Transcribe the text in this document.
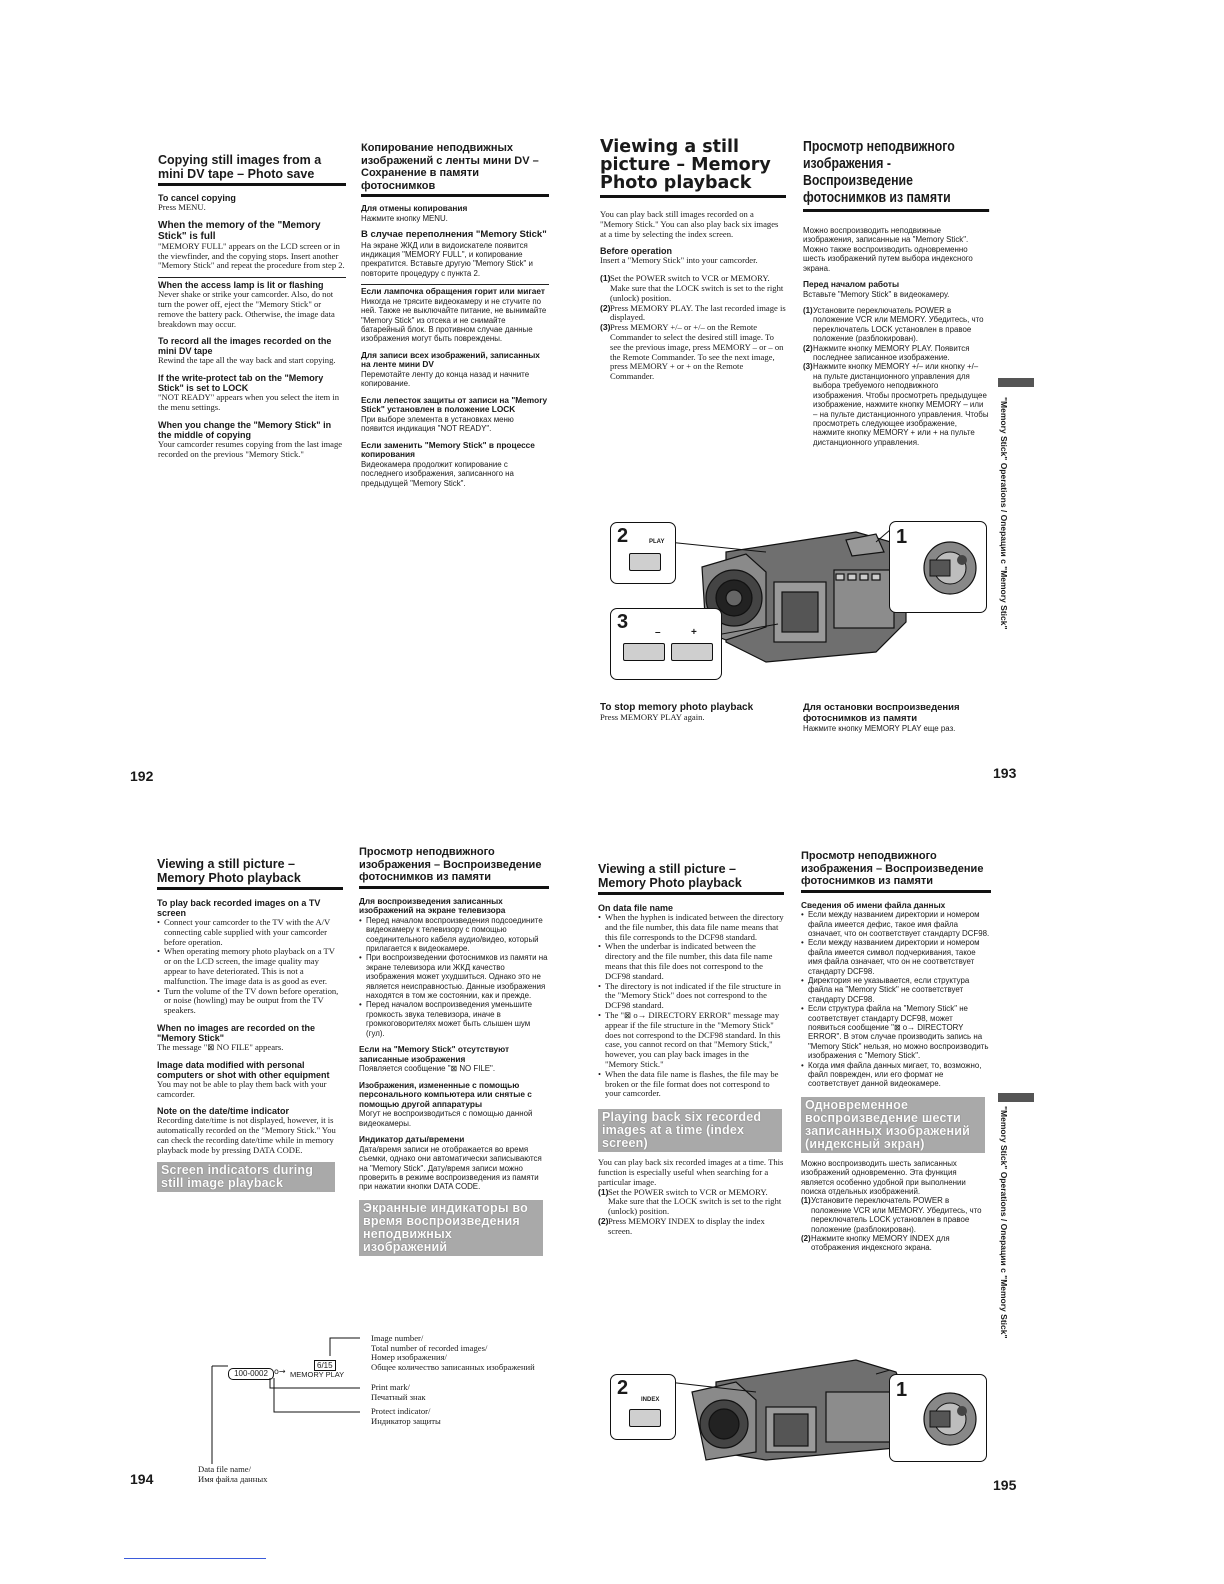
Copying still images from a mini DV tape – Photo save
To cancel copying
Press MENU.
When the memory of the "Memory Stick" is full
"MEMORY FULL" appears on the LCD screen or in the viewfinder, and the copying stops. Insert another "Memory Stick" and repeat the procedure from step 2.
When the access lamp is lit or flashing
Never shake or strike your camcorder. Also, do not turn the power off, eject the "Memory Stick" or remove the battery pack. Otherwise, the image data breakdown may occur.
To record all the images recorded on the mini DV tape
Rewind the tape all the way back and start copying.
If the write-protect tab on the "Memory Stick" is set to LOCK
"NOT READY" appears when you select the item in the menu settings.
When you change the "Memory Stick" in the middle of copying
Your camcorder resumes copying from the last image recorded on the previous "Memory Stick."
Копирование неподвижных изображений с ленты мини DV – Сохранение в памяти фотоснимков
Для отмены копирования
Нажмите кнопку MENU.
В случае переполнения "Memory Stick"
На экране ЖКД или в видоискателе появится индикация "MEMORY FULL", и копирование прекратится. Вставьте другую "Memory Stick" и повторите процедуру с пункта 2.
Если лампочка обращения горит или мигает
Никогда не трясите видеокамеру и не стучите по ней. Также не выключайте питание, не вынимайте "Memory Stick" из отсека и не снимайте батарейный блок. В противном случае данные изображения могут быть повреждены.
Для записи всех изображений, записанных на ленте мини DV
Перемотайте ленту до конца назад и начните копирование.
Если лепесток защиты от записи на "Memory Stick" установлен в положение LOCK
При выборе элемента в установках меню появится индикация "NOT READY".
Если заменить "Memory Stick" в процессе копирования
Видеокамера продолжит копирование с последнего изображения, записанного на предыдущей "Memory Stick".
192
Viewing a still picture – Memory Photo playback
You can play back still images recorded on a "Memory Stick." You can also play back six images at a time by selecting the index screen.
Before operation
Insert a "Memory Stick" into your camcorder.
(1) Set the POWER switch to VCR or MEMORY. Make sure that the LOCK switch is set to the right (unlock) position.
(2) Press MEMORY PLAY. The last recorded image is displayed.
(3) Press MEMORY +/– or +/– on the Remote Commander to select the desired still image. To see the previous image, press MEMORY – or – on the Remote Commander. To see the next image, press MEMORY + or + on the Remote Commander.
Просмотр неподвижного изображения - Воспроизведение фотоснимков из памяти
Можно воспроизводить неподвижные изображения, записанные на "Memory Stick". Можно также воспроизводить одновременно шесть изображений путем выбора индексного экрана.
Перед началом работы
Вставьте "Memory Stick" в видеокамеру.
(1) Установите переключатель POWER в положение VCR или MEMORY. Убедитесь, что переключатель LOCK установлен в правое положение (разблокирован).
(2) Нажмите кнопку MEMORY PLAY. Появится последнее записанное изображение.
(3) Нажмите кнопку MEMORY +/– или кнопку +/– на пульте дистанционного управления для выбора требуемого неподвижного изображения. Чтобы просмотреть предыдущее изображение, нажмите кнопку MEMORY – или – на пульте дистанционного управления. Чтобы просмотреть следующее изображение, нажмите кнопку MEMORY + или + на пульте дистанционного управления.
2	PLAY	1
3	–	+
To stop memory photo playback
Press MEMORY PLAY again.
Для остановки воспроизведения фотоснимков из памяти
Нажмите кнопку MEMORY PLAY еще раз.
"Memory Stick" Operations / Операции с "Memory Stick"
193
Viewing a still picture – Memory Photo playback
To play back recorded images on a TV screen
• Connect your camcorder to the TV with the A/V connecting cable supplied with your camcorder before operation.
• When operating memory photo playback on a TV or on the LCD screen, the image quality may appear to have deteriorated. This is not a malfunction. The image data is as good as ever.
• Turn the volume of the TV down before operation, or noise (howling) may be output from the TV speakers.
When no images are recorded on the "Memory Stick"
The message "⊠ NO FILE" appears.
Image data modified with personal computers or shot with other equipment
You may not be able to play them back with your camcorder.
Note on the date/time indicator
Recording date/time is not displayed, however, it is automatically recorded on the "Memory Stick." You can check the recording date/time while in memory playback mode by pressing DATA CODE.
Screen indicators during still image playback
Просмотр неподвижного изображения – Воспроизведение фотоснимков из памяти
Для воспроизведения записанных изображений на экране телевизора
• Перед началом воспроизведения подсоедините видеокамеру к телевизору с помощью соединительного кабеля аудио/видео, который прилагается к видеокамере.
• При воспроизведении фотоснимков из памяти на экране телевизора или ЖКД качество изображения может ухудшиться. Однако это не является неисправностью. Данные изображения находятся в том же состоянии, как и прежде.
• Перед началом воспроизведения уменьшите громкость звука телевизора, иначе в громкоговорителях может быть слышен шум (гул).
Если на "Memory Stick" отсутствуют записанные изображения
Появляется сообщение "⊠ NO FILE".
Изображения, измененные с помощью персонального компьютера или снятые с помощью другой аппаратуры
Могут не воспроизводиться с помощью данной видеокамеры.
Индикатор даты/времени
Дата/время записи не отображается во время съемки, однако они автоматически записываются на "Memory Stick". Дату/время записи можно проверить в режиме воспроизведения из памяти при нажатии кнопки DATA CODE.
Экранные индикаторы во время воспроизведения неподвижных изображений
100-0002 o→
6/15
MEMORY PLAY
Image number/
Total number of recorded images/
Номер изображения/
Общее количество записанных изображений
Print mark/
Печатный знак
Protect indicator/
Индикатор защиты
Data file name/
Имя файла данных
194
Viewing a still picture – Memory Photo playback
On data file name
• When the hyphen is indicated between the directory and the file number, this data file name means that this file corresponds to the DCF98 standard.
• When the underbar is indicated between the directory and the file number, this data file name means that this file does not correspond to the DCF98 standard.
• The directory is not indicated if the file structure in the "Memory Stick" does not correspond to the DCF98 standard.
• The "⊠ o→ DIRECTORY ERROR" message may appear if the file structure in the "Memory Stick" does not correspond to the DCF98 standard. In this case, you cannot record on that "Memory Stick," however, you can play back images in the "Memory Stick."
• When the data file name is flashes, the file may be broken or the file format does not correspond to your camcorder.
Playing back six recorded images at a time (index screen)
You can play back six recorded images at a time. This function is especially useful when searching for a particular image.
(1) Set the POWER switch to VCR or MEMORY. Make sure that the LOCK switch is set to the right (unlock) position.
(2) Press MEMORY INDEX to display the index screen.
Просмотр неподвижного изображения – Воспроизведение фотоснимков из памяти
Сведения об имени файла данных
• Если между названием директории и номером файла имеется дефис, такое имя файла означает, что он соответствует стандарту DCF98.
• Если между названием директории и номером файла имеется символ подчеркивания, такое имя файла означает, что он не соответствует стандарту DCF98.
• Директория не указывается, если структура файла на "Memory Stick" не соответствует стандарту DCF98.
• Если структура файла на "Memory Stick" не соответствует стандарту DCF98, может появиться сообщение "⊠ o→ DIRECTORY ERROR". В этом случае производить запись на "Memory Stick" нельзя, но можно воспроизводить изображения с "Memory Stick".
• Когда имя файла данных мигает, то, возможно, файл поврежден, или его формат не соответствует данной видеокамере.
Одновременное воспроизведение шести записанных изображений (индексный экран)
Можно воспроизводить шесть записанных изображений одновременно. Эта функция является особенно удобной при выполнении поиска отдельных изображений.
(1) Установите переключатель POWER в положение VCR или MEMORY. Убедитесь, что переключатель LOCK установлен в правое положение (разблокирован).
(2) Нажмите кнопку MEMORY INDEX для отображения индексного экрана.
2
INDEX	1
"Memory Stick" Operations / Операции с "Memory Stick"
195
